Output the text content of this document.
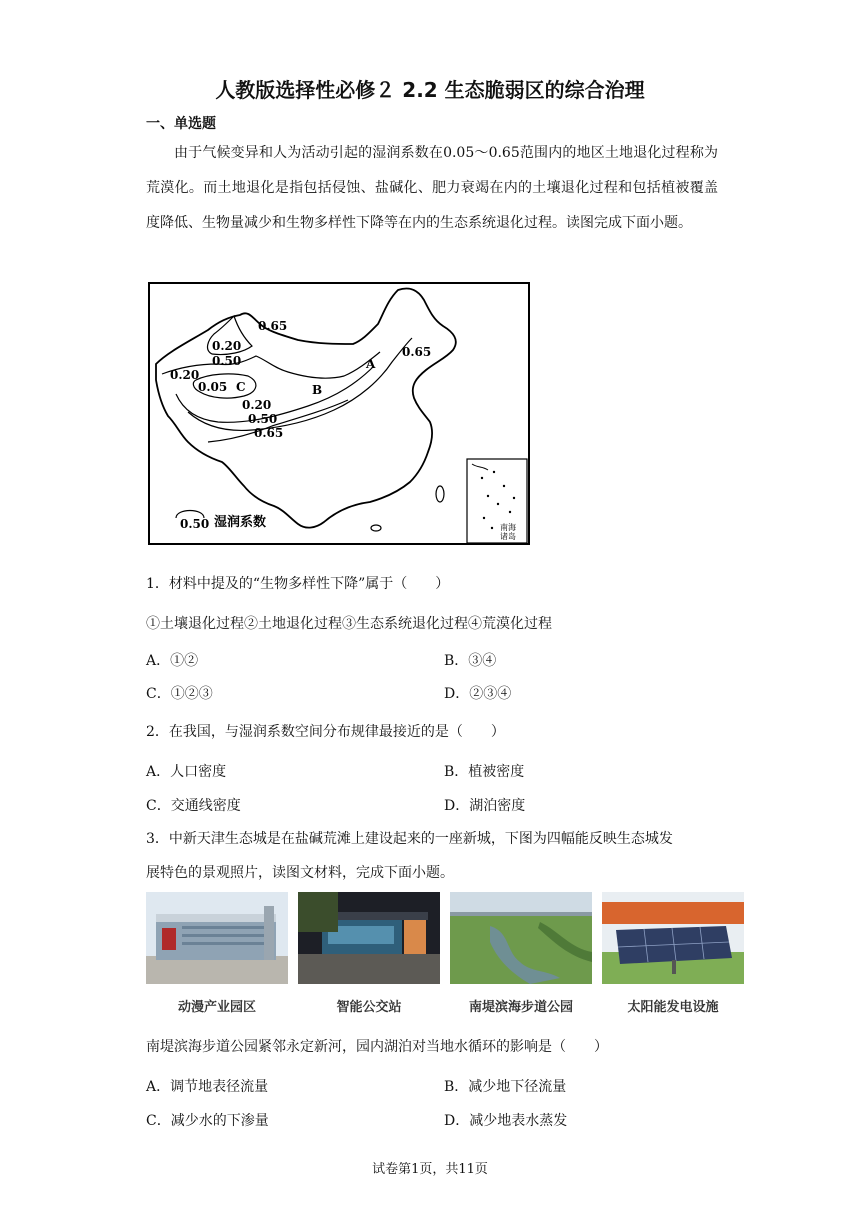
人教版选择性必修２ 2.2 生态脆弱区的综合治理
一、单选题
由于气候变异和人为活动引起的湿润系数在0.05～0.65范围内的地区土地退化过程称为荒漠化。而土地退化是指包括侵蚀、盐碱化、肥力衰竭在内的土壤退化过程和包括植被覆盖度降低、生物量减少和生物多样性下降等在内的生态系统退化过程。读图完成下面小题。
0.65
0.20
0.50
0.20
0.05 C
A
0.65
B
0.20
0.50
0.65
0.50 湿润系数	南海
诸岛
1．材料中提及的“生物多样性下降”属于（　　）
①土壤退化过程②土地退化过程③生态系统退化过程④荒漠化过程
A．①②	B．③④
C．①②③	D．②③④
2．在我国，与湿润系数空间分布规律最接近的是（　　）
A．人口密度	B．植被密度
C．交通线密度	D．湖泊密度
3．中新天津生态城是在盐碱荒滩上建设起来的一座新城，下图为四幅能反映生态城发
展特色的景观照片，读图文材料，完成下面小题。
动漫产业园区	智能公交站	南堤滨海步道公园	太阳能发电设施
南堤滨海步道公园紧邻永定新河，园内湖泊对当地水循环的影响是（　　）
A．调节地表径流量	B．减少地下径流量
C．减少水的下渗量	D．减少地表水蒸发
试卷第1页，共11页
